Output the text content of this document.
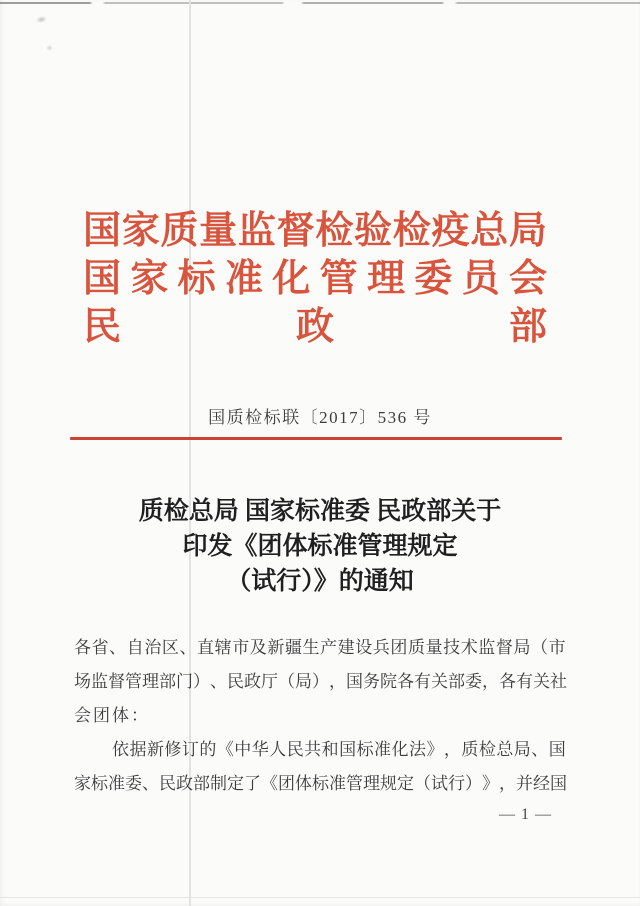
国 家 质 量 监 督 检 验 检 疫 总 局
国 家 标 准 化 管 理 委 员 会
民	政	部
国质检标联〔2017〕536 号
质检总局 国家标准委 民政部关于
印发《团体标准管理规定
（试行）》的通知
各 省 、 自 治 区 、 直 辖 市 及 新 疆 生 产 建 设 兵 团 质 量 技 术 监 督 局 （ 市
场 监 督 管 理 部 门 ） 、 民 政 厅 （ 局 ） ， 国 务 院 各 有 关 部 委 ， 各 有 关 社
会 团 体 ：
依 据 新 修 订 的 《 中 华 人 民 共 和 国 标 准 化 法 》 ， 质 检 总 局 、 国
家 标 准 委 、 民 政 部 制 定 了 《 团 体 标 准 管 理 规 定 （ 试 行 ） 》 ， 并 经 国
— 1 —
